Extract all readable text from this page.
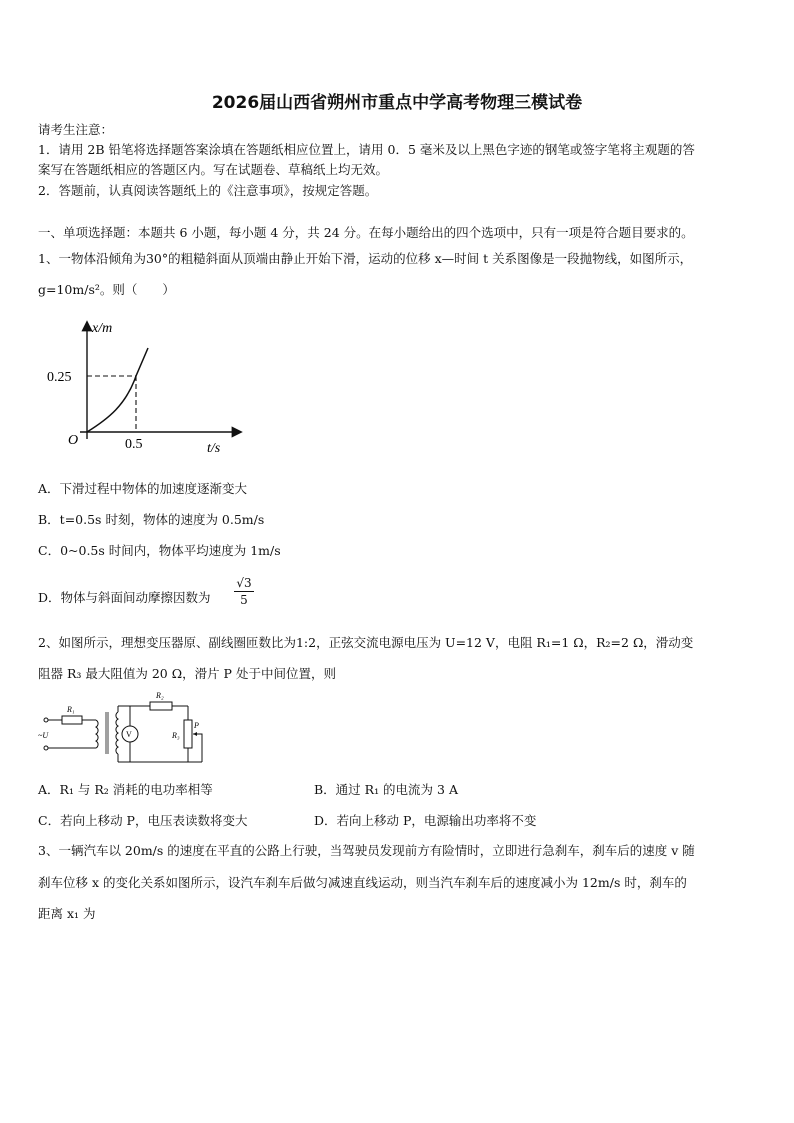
2026届山西省朔州市重点中学高考物理三模试卷
请考生注意：
1．请用 2B 铅笔将选择题答案涂填在答题纸相应位置上，请用 0．5 毫米及以上黑色字迹的钢笔或签字笔将主观题的答
案写在答题纸相应的答题区内。写在试题卷、草稿纸上均无效。
2．答题前，认真阅读答题纸上的《注意事项》，按规定答题。
一、单项选择题：本题共 6 小题，每小题 4 分，共 24 分。在每小题给出的四个选项中，只有一项是符合题目要求的。
1、一物体沿倾角为30°的粗糙斜面从顶端由静止开始下滑，运动的位移 x—时间 t 关系图像是一段抛物线，如图所示，
g=10m/s²。则（　　）
x/m
t/s
O
0.25
0.5
A．下滑过程中物体的加速度逐渐变大
B．t=0.5s 时刻，物体的速度为 0.5m/s
C．0~0.5s 时间内，物体平均速度为 1m/s
D．物体与斜面间动摩擦因数为 $\frac{√3}{5}$
2、如图所示，理想变压器原、副线圈匝数比为1:2，正弦交流电源电压为 U=12 V，电阻 R₁=1 Ω，R₂=2 Ω，滑动变
阻器 R₃ 最大阻值为 20 Ω，滑片 P 处于中间位置，则
R₁
R₂
R₃
~U	V
P
A．R₁ 与 R₂ 消耗的电功率相等	B．通过 R₁ 的电流为 3 A
C．若向上移动 P，电压表读数将变大	D．若向上移动 P，电源输出功率将不变
3、一辆汽车以 20m/s 的速度在平直的公路上行驶，当驾驶员发现前方有险情时，立即进行急刹车，刹车后的速度 v 随
刹车位移 x 的变化关系如图所示，设汽车刹车后做匀减速直线运动，则当汽车刹车后的速度减小为 12m/s 时，刹车的
距离 x₁ 为
